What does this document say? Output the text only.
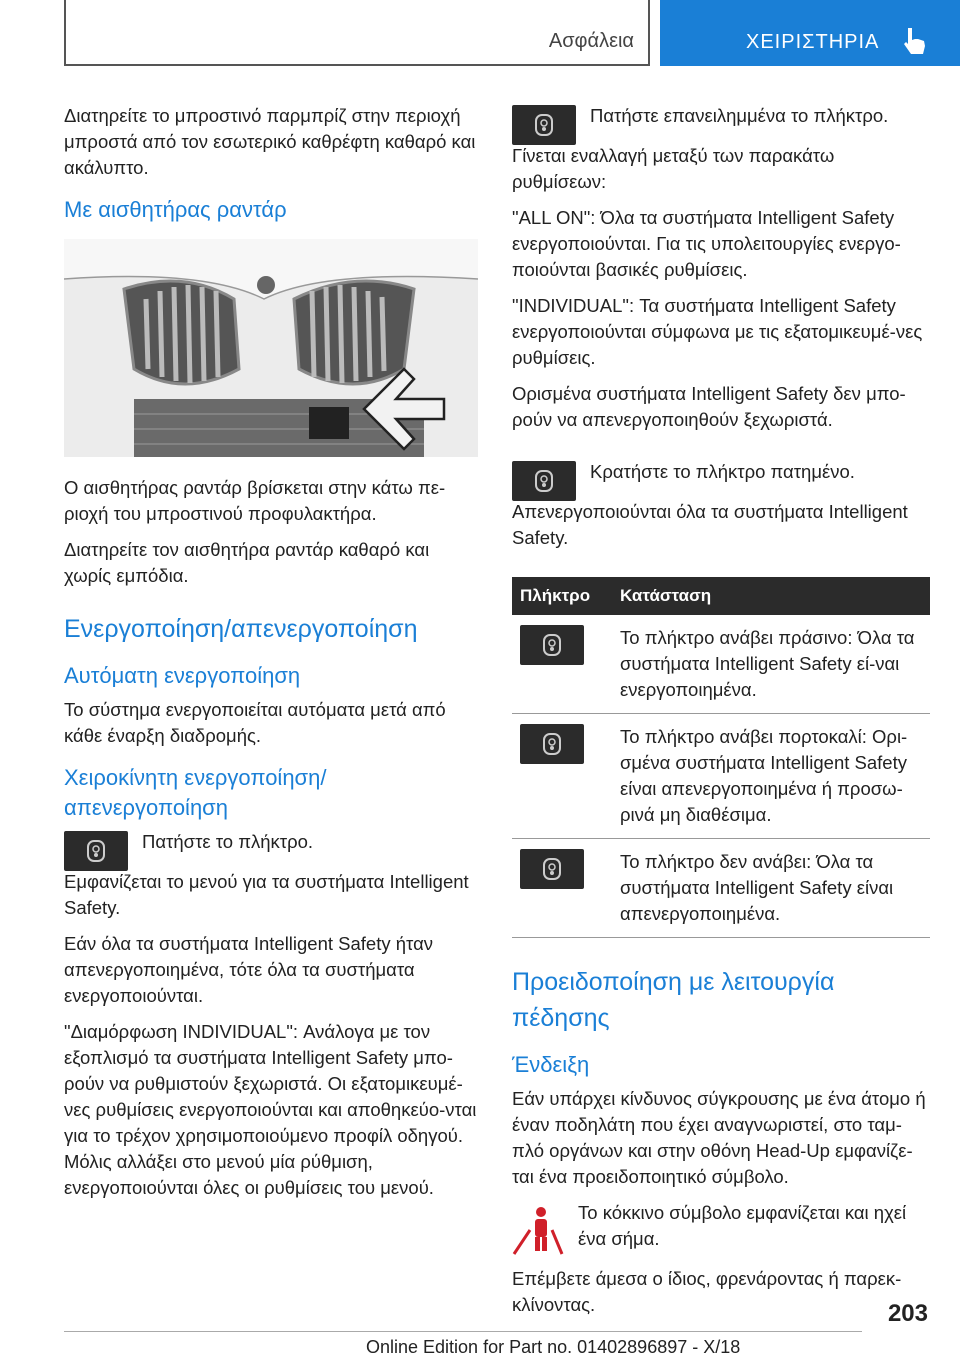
Ασφάλεια	ΧΕΙΡΙΣΤΗΡΙΑ

Διατηρείτε το μπροστινό παρμπρίζ στην περιοχή μπροστά από τον εσωτερικό καθρέφτη καθαρό και ακάλυπτο.

Με αισθητήρας ραντάρ

Ο αισθητήρας ραντάρ βρίσκεται στην κάτω πε-ριοχή του μπροστινού προφυλακτήρα.

Διατηρείτε τον αισθητήρα ραντάρ καθαρό και χωρίς εμπόδια.

Ενεργοποίηση/απενεργοποίηση
Αυτόματη ενεργοποίηση

Το σύστημα ενεργοποιείται αυτόματα μετά από κάθε έναρξη διαδρομής.

Χειροκίνητη ενεργοποίηση/ απενεργοποίηση

Πατήστε το πλήκτρο.

Εμφανίζεται το μενού για τα συστήματα Intelligent Safety.

Εάν όλα τα συστήματα Intelligent Safety ήταν απενεργοποιημένα, τότε όλα τα συστήματα ενεργοποιούνται.

"Διαμόρφωση INDIVIDUAL": Ανάλογα με τον εξοπλισμό τα συστήματα Intelligent Safety μπο-ρούν να ρυθμιστούν ξεχωριστά. Οι εξατομικευμέ-νες ρυθμίσεις ενεργοποιούνται και αποθηκεύο-νται για το τρέχον χρησιμοποιούμενο προφίλ οδηγού. Μόλις αλλάξει στο μενού μία ρύθμιση, ενεργοποιούνται όλες οι ρυθμίσεις του μενού.

Πατήστε επανειλημμένα το πλήκτρο.

Γίνεται εναλλαγή μεταξύ των παρακάτω ρυθμίσεων:

"ALL ON": Όλα τα συστήματα Intelligent Safety ενεργοποιούνται. Για τις υπολειτουργίες ενεργο-ποιούνται βασικές ρυθμίσεις.

"INDIVIDUAL": Τα συστήματα Intelligent Safety ενεργοποιούνται σύμφωνα με τις εξατομικευμέ-νες ρυθμίσεις.

Ορισμένα συστήματα Intelligent Safety δεν μπο-ρούν να απενεργοποιηθούν ξεχωριστά.

Κρατήστε το πλήκτρο πατημένο.

Απενεργοποιούνται όλα τα συστήματα Intelligent Safety.

Πλήκτρο	Κατάσταση

	Το πλήκτρο ανάβει πράσινο: Όλα τα συστήματα Intelligent Safety εί-ναι ενεργοποιημένα.

	Το πλήκτρο ανάβει πορτοκαλί: Ορι-σμένα συστήματα Intelligent Safety είναι απενεργοποιημένα ή προσω-ρινά μη διαθέσιμα.

	Το πλήκτρο δεν ανάβει: Όλα τα συστήματα Intelligent Safety είναι απενεργοποιημένα.
Προειδοποίηση με λειτουργία πέδησης
Ένδειξη

Εάν υπάρχει κίνδυνος σύγκρουσης με ένα άτομο ή έναν ποδηλάτη που έχει αναγνωριστεί, στο ταμ-πλό οργάνων και στην οθόνη Head-Up εμφανίζε-ται ένα προειδοποιητικό σύμβολο.

Το κόκκινο σύμβολο εμφανίζεται και ηχεί ένα σήμα.

Επέμβετε άμεσα ο ίδιος, φρενάροντας ή παρεκ-κλίνοντας.	203
Online Edition for Part no. 01402896897 - X/18
